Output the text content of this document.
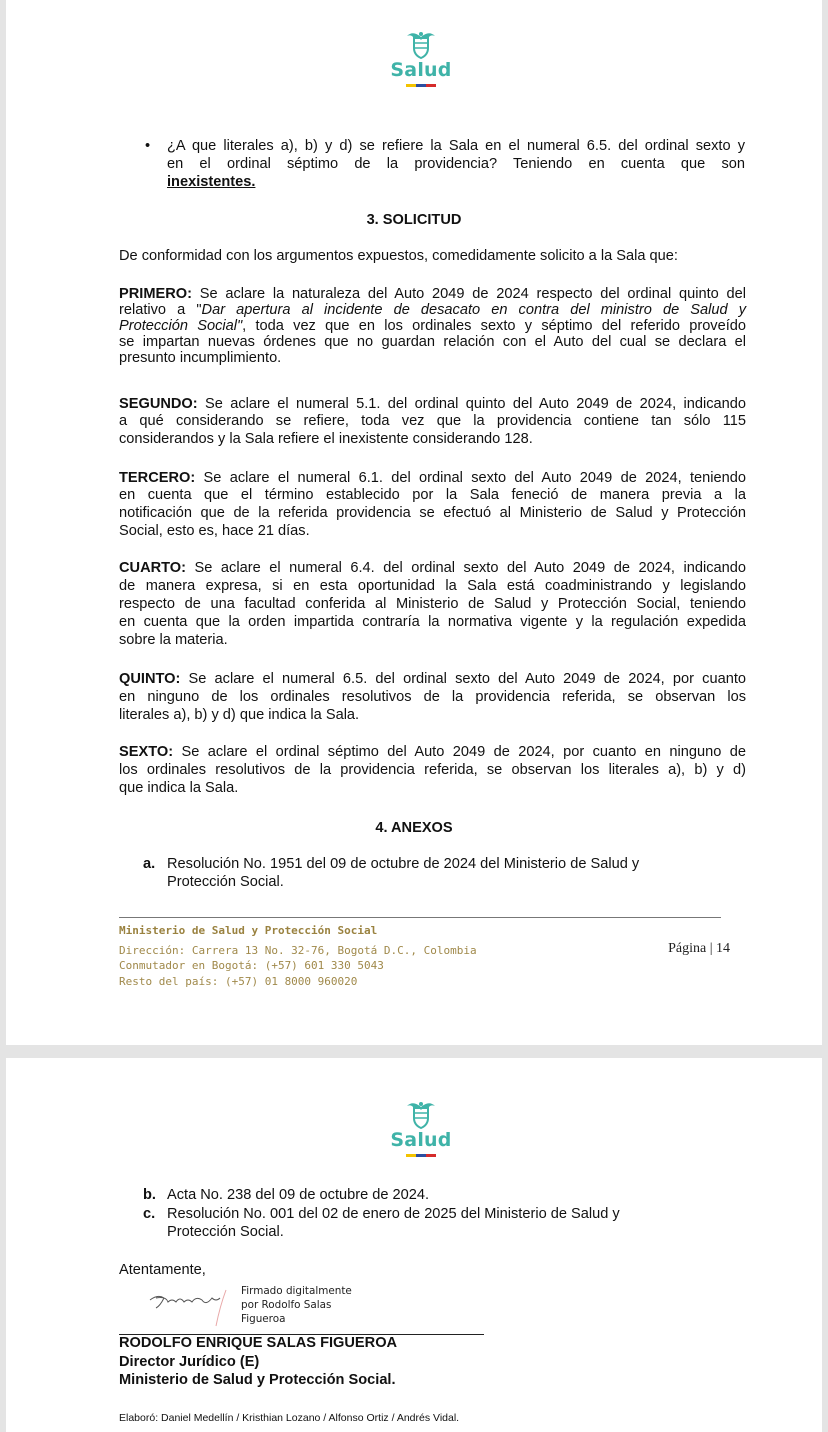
Salud
• ¿A que literales a), b) y d) se refiere la Sala en el numeral 6.5. del ordinal sexto y
en el ordinal séptimo de la providencia? Teniendo en cuenta que son
inexistentes.
3. SOLICITUD
De conformidad con los argumentos expuestos, comedidamente solicito a la Sala que:
PRIMERO: Se aclare la naturaleza del Auto 2049 de 2024 respecto del ordinal quinto del
relativo a "Dar apertura al incidente de desacato en contra del ministro de Salud y
Protección Social", toda vez que en los ordinales sexto y séptimo del referido proveído
se impartan nuevas órdenes que no guardan relación con el Auto del cual se declara el
presunto incumplimiento.
SEGUNDO: Se aclare el numeral 5.1. del ordinal quinto del Auto 2049 de 2024, indicando
a qué considerando se refiere, toda vez que la providencia contiene tan sólo 115
considerandos y la Sala refiere el inexistente considerando 128.
TERCERO: Se aclare el numeral 6.1. del ordinal sexto del Auto 2049 de 2024, teniendo
en cuenta que el término establecido por la Sala feneció de manera previa a la
notificación que de la referida providencia se efectuó al Ministerio de Salud y Protección
Social, esto es, hace 21 días.
CUARTO: Se aclare el numeral 6.4. del ordinal sexto del Auto 2049 de 2024, indicando
de manera expresa, si en esta oportunidad la Sala está coadministrando y legislando
respecto de una facultad conferida al Ministerio de Salud y Protección Social, teniendo
en cuenta que la orden impartida contraría la normativa vigente y la regulación expedida
sobre la materia.
QUINTO: Se aclare el numeral 6.5. del ordinal sexto del Auto 2049 de 2024, por cuanto
en ninguno de los ordinales resolutivos de la providencia referida, se observan los
literales a), b) y d) que indica la Sala.
SEXTO: Se aclare el ordinal séptimo del Auto 2049 de 2024, por cuanto en ninguno de
los ordinales resolutivos de la providencia referida, se observan los literales a), b) y d)
que indica la Sala.
4. ANEXOS
a. Resolución No. 1951 del 09 de octubre de 2024 del Ministerio de Salud y
Protección Social.
Ministerio de Salud y Protección Social
Dirección: Carrera 13 No. 32-76, Bogotá D.C., Colombia
Conmutador en Bogotá: (+57) 601 330 5043
Resto del país: (+57) 01 8000 960020
Página | 14
Salud
b. Acta No. 238 del 09 de octubre de 2024.
c. Resolución No. 001 del 02 de enero de 2025 del Ministerio de Salud y
Protección Social.
Atentamente,
Firmado digitalmente
por Rodolfo Salas
Figueroa
RODOLFO ENRIQUE SALAS FIGUEROA
Director Jurídico (E)
Ministerio de Salud y Protección Social.
Elaboró: Daniel Medellín / Kristhian Lozano / Alfonso Ortiz / Andrés Vidal.
